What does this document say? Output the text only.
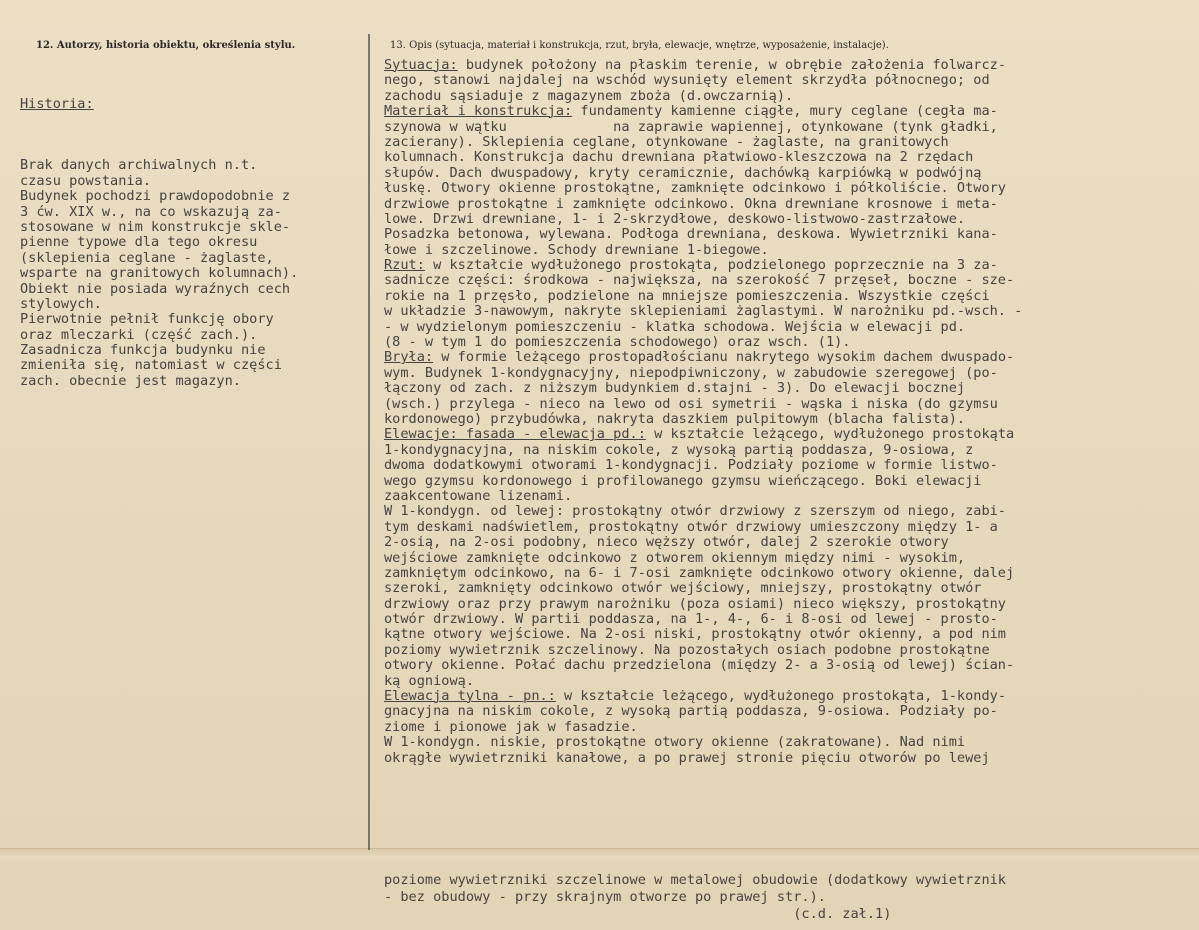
12. Autorzy, historia obiektu, określenia stylu.	13. Opis (sytuacja, materiał i konstrukcja, rzut, bryła, elewacje, wnętrze, wyposażenie, instalacje).

Historia:

Brak danych archiwalnych n.t.
czasu powstania.
Budynek pochodzi prawdopodobnie z
3 ćw. XIX w., na co wskazują za-
stosowane w nim konstrukcje skle-
pienne typowe dla tego okresu
(sklepienia ceglane - żaglaste,
wsparte na granitowych kolumnach).
Obiekt nie posiada wyraźnych cech
stylowych.
Pierwotnie pełnił funkcję obory
oraz mleczarki (część zach.).
Zasadnicza funkcja budynku nie
zmieniła się, natomiast w części
zach. obecnie jest magazyn.

Sytuacja: budynek położony na płaskim terenie, w obrębie założenia folwarcz-
nego, stanowi najdalej na wschód wysunięty element skrzydła północnego; od
zachodu sąsiaduje z magazynem zboża (d.owczarnią).
Materiał i konstrukcja: fundamenty kamienne ciągłe, mury ceglane (cegła ma-
szynowa w wątku             na zaprawie wapiennej, otynkowane (tynk gładki,
zacierany). Sklepienia ceglane, otynkowane - żaglaste, na granitowych
kolumnach. Konstrukcja dachu drewniana płatwiowo-kleszczowa na 2 rzędach
słupów. Dach dwuspadowy, kryty ceramicznie, dachówką karpiówką w podwójną
łuskę. Otwory okienne prostokątne, zamknięte odcinkowo i półkoliście. Otwory
drzwiowe prostokątne i zamknięte odcinkowo. Okna drewniane krosnowe i meta-
lowe. Drzwi drewniane, 1- i 2-skrzydłowe, deskowo-listwowo-zastrzałowe.
Posadzka betonowa, wylewana. Podłoga drewniana, deskowa. Wywietrzniki kana-
łowe i szczelinowe. Schody drewniane 1-biegowe.
Rzut: w kształcie wydłużonego prostokąta, podzielonego poprzecznie na 3 za-
sadnicze części: środkowa - największa, na szerokość 7 przęseł, boczne - sze-
rokie na 1 przęsło, podzielone na mniejsze pomieszczenia. Wszystkie części
w układzie 3-nawowym, nakryte sklepieniami żaglastymi. W narożniku pd.-wsch. -
- w wydzielonym pomieszczeniu - klatka schodowa. Wejścia w elewacji pd.
(8 - w tym 1 do pomieszczenia schodowego) oraz wsch. (1).
Bryła: w formie leżącego prostopadłościanu nakrytego wysokim dachem dwuspado-
wym. Budynek 1-kondygnacyjny, niepodpiwniczony, w zabudowie szeregowej (po-
łączony od zach. z niższym budynkiem d.stajni - 3). Do elewacji bocznej
(wsch.) przylega - nieco na lewo od osi symetrii - wąska i niska (do gzymsu
kordonowego) przybudówka, nakryta daszkiem pulpitowym (blacha falista).
Elewacje: fasada - elewacja pd.: w kształcie leżącego, wydłużonego prostokąta
1-kondygnacyjna, na niskim cokole, z wysoką partią poddasza, 9-osiowa, z
dwoma dodatkowymi otworami 1-kondygnacji. Podziały poziome w formie listwo-
wego gzymsu kordonowego i profilowanego gzymsu wieńczącego. Boki elewacji
zaakcentowane lizenami.
W 1-kondygn. od lewej: prostokątny otwór drzwiowy z szerszym od niego, zabi-
tym deskami nadświetlem, prostokątny otwór drzwiowy umieszczony między 1- a
2-osią, na 2-osi podobny, nieco węższy otwór, dalej 2 szerokie otwory
wejściowe zamknięte odcinkowo z otworem okiennym między nimi - wysokim,
zamkniętym odcinkowo, na 6- i 7-osi zamknięte odcinkowo otwory okienne, dalej
szeroki, zamknięty odcinkowo otwór wejściowy, mniejszy, prostokątny otwór
drzwiowy oraz przy prawym narożniku (poza osiami) nieco większy, prostokątny
otwór drzwiowy. W partii poddasza, na 1-, 4-, 6- i 8-osi od lewej - prosto-
kątne otwory wejściowe. Na 2-osi niski, prostokątny otwór okienny, a pod nim
poziomy wywietrznik szczelinowy. Na pozostałych osiach podobne prostokątne
otwory okienne. Połać dachu przedzielona (między 2- a 3-osią od lewej) ścian-
ką ogniową.
Elewacja tylna - pn.: w kształcie leżącego, wydłużonego prostokąta, 1-kondy-
gnacyjna na niskim cokole, z wysoką partią poddasza, 9-osiowa. Podziały po-
ziome i pionowe jak w fasadzie.
W 1-kondygn. niskie, prostokątne otwory okienne (zakratowane). Nad nimi
okrągłe wywietrzniki kanałowe, a po prawej stronie pięciu otworów po lewej
poziome wywietrzniki szczelinowe w metalowej obudowie (dodatkowy wywietrznik
- bez obudowy - przy skrajnym otworze po prawej str.).
(c.d. zał.1)
